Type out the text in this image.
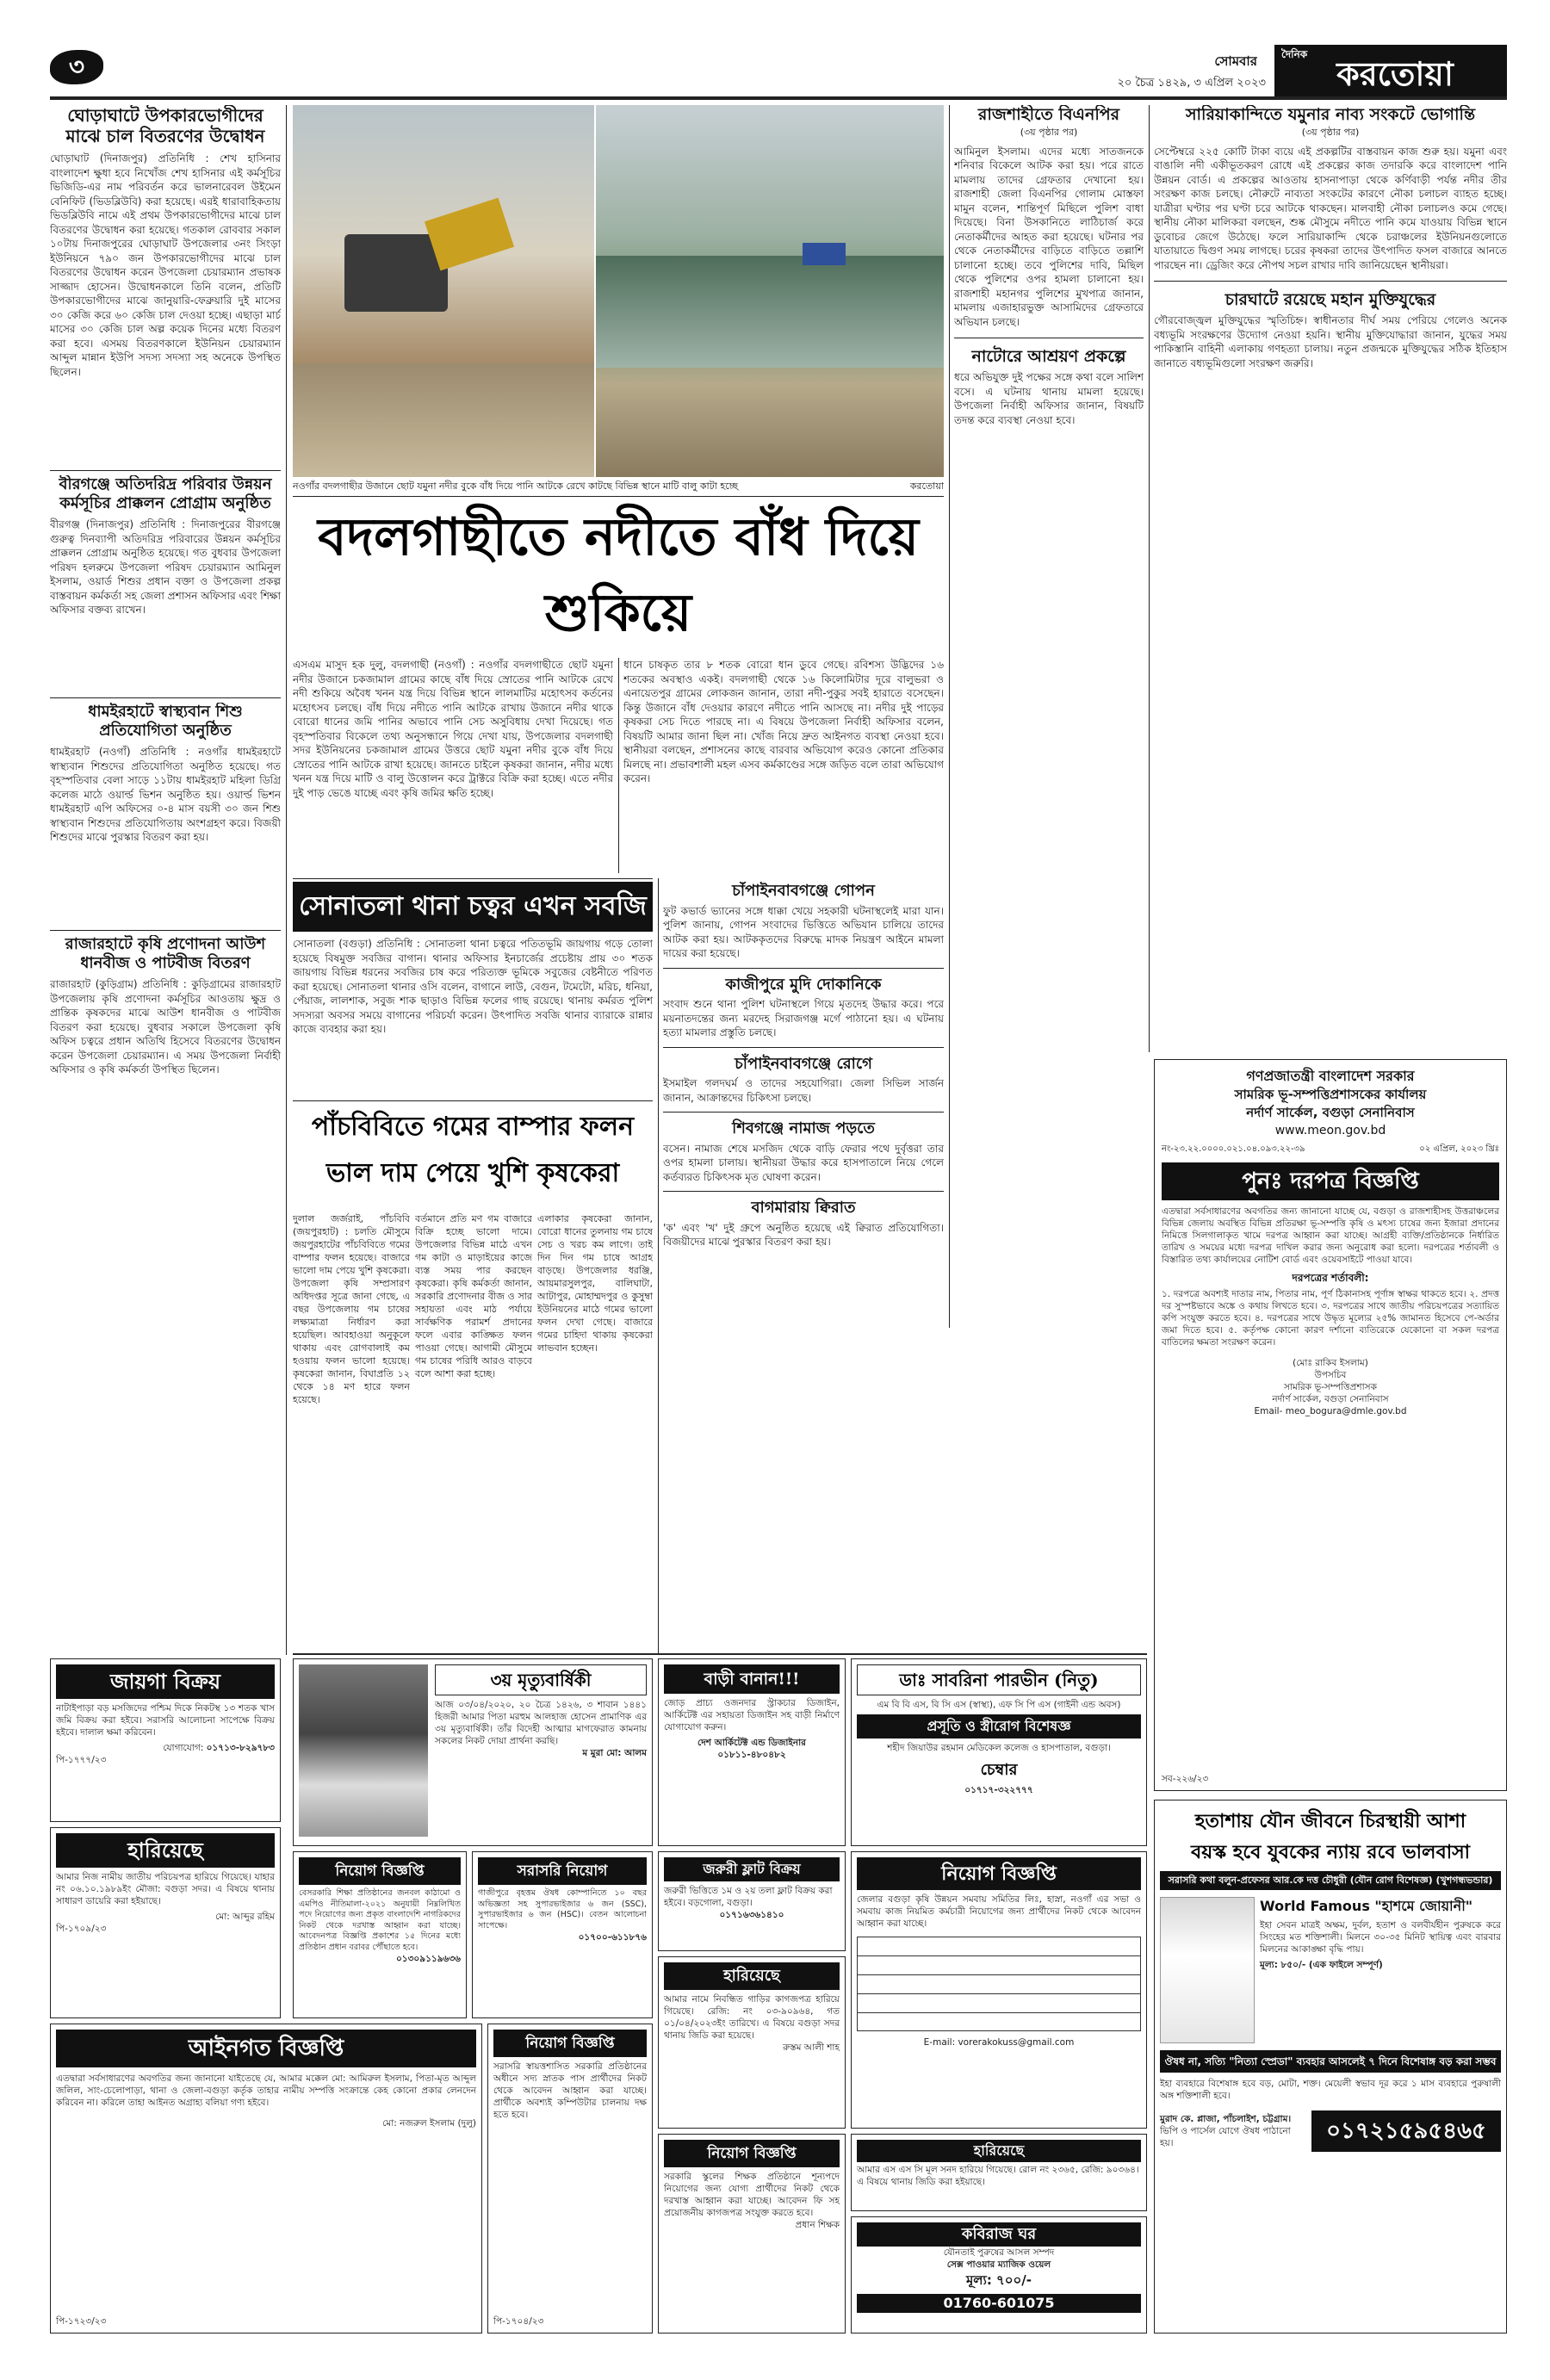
৩	সোমবার
২০ চৈত্র ১৪২৯, ৩ এপ্রিল ২০২৩
দৈনিক করতোয়া
ঘোড়াঘাটে উপকারভোগীদের মাঝে চাল বিতরণের উদ্বোধন
ঘোড়াঘাট (দিনাজপুর) প্রতিনিধি : শেখ হাসিনার বাংলাদেশ ক্ষুধা হবে নিখোঁজ শেখ হাসিনার এই কর্মসূচির ভিজিডি-এর নাম পরিবর্তন করে ভালনারেবল উইমেন বেনিফিট (ভিডব্লিউবি) করা হয়েছে। এরই ধারাবাহিকতায় ভিডব্লিউবি নামে এই প্রথম উপকারভোগীদের মাঝে চাল বিতরণের উদ্বোধন করা হয়েছে। গতকাল রোববার সকাল ১০টায় দিনাজপুরের ঘোড়াঘাট উপজেলার ৩নং সিংড়া ইউনিয়নে ৭৯০ জন উপকারভোগীদের মাঝে চাল বিতরণের উদ্বোধন করেন উপজেলা চেয়ারম্যান প্রভাষক সাজ্জাদ হোসেন। উদ্বোধনকালে তিনি বলেন, প্রতিটি উপকারভোগীদের মাঝে জানুয়ারি-ফেব্রুয়ারি দুই মাসের ৩০ কেজি করে ৬০ কেজি চাল দেওয়া হচ্ছে। এছাড়া মার্চ মাসের ৩০ কেজি চাল অল্প কয়েক দিনের মধ্যে বিতরণ করা হবে। এসময় বিতরণকালে ইউনিয়ন চেয়ারম্যান আব্দুল মান্নান ইউপি সদস্য সদস্যা সহ অনেকে উপস্থিত ছিলেন।
বীরগঞ্জে অতিদরিদ্র পরিবার উন্নয়ন কর্মসূচির প্রাক্কলন প্রোগ্রাম অনুষ্ঠিত
বীরগঞ্জ (দিনাজপুর) প্রতিনিধি : দিনাজপুরের বীরগঞ্জে গুরুত্ব দিনব্যাপী অতিদরিদ্র পরিবারের উন্নয়ন কর্মসূচির প্রাক্কলন প্রোগ্রাম অনুষ্ঠিত হয়েছে। গত বুধবার উপজেলা পরিষদ হলরুমে উপজেলা পরিষদ চেয়ারম্যান আমিনুল ইসলাম, ওয়ার্ড শিশুর প্রধান বক্তা ও উপজেলা প্রকল্প বাস্তবায়ন কর্মকর্তা সহ জেলা প্রশাসন অফিসার এবং শিক্ষা অফিসার বক্তব্য রাখেন।
ধামইরহাটে স্বাস্থ্যবান শিশু প্রতিযোগিতা অনুষ্ঠিত
ধামইরহাট (নওগাঁ) প্রতিনিধি : নওগাঁর ধামইরহাটে স্বাস্থ্যবান শিশুদের প্রতিযোগিতা অনুষ্ঠিত হয়েছে। গত বৃহস্পতিবার বেলা সাড়ে ১১টায় ধামইরহাট মহিলা ডিগ্রি কলেজ মাঠে ওয়ার্ল্ড ভিশন অনুষ্ঠিত হয়। ওয়ার্ল্ড ভিশন ধামইরহাট এপি অফিসের ০-৪ মাস বয়সী ৩০ জন শিশু স্বাস্থ্যবান শিশুদের প্রতিযোগিতায় অংশগ্রহণ করে। বিজয়ী শিশুদের মাঝে পুরস্কার বিতরণ করা হয়।
রাজারহাটে কৃষি প্রণোদনা আউশ ধানবীজ ও পাটবীজ বিতরণ
রাজারহাট (কুড়িগ্রাম) প্রতিনিধি : কুড়িগ্রামের রাজারহাট উপজেলায় কৃষি প্রণোদনা কর্মসূচির আওতায় ক্ষুদ্র ও প্রান্তিক কৃষকদের মাঝে আউশ ধানবীজ ও পাটবীজ বিতরণ করা হয়েছে। বুধবার সকালে উপজেলা কৃষি অফিস চত্বরে প্রধান অতিথি হিসেবে বিতরণের উদ্বোধন করেন উপজেলা চেয়ারম্যান। এ সময় উপজেলা নির্বাহী অফিসার ও কৃষি কর্মকর্তা উপস্থিত ছিলেন।
নওগাঁর বদলগাছীর উজানে ছোট যমুনা নদীর বুকে বাঁধ দিয়ে পানি আটকে রেখে কাটছে বিভিন্ন স্থানে মাটি বালু কাটা হচ্ছে	করতোয়া
বদলগাছীতে নদীতে বাঁধ দিয়ে শুকিয়ে
এসএম মাসুদ হক দুলু, বদলগাছী (নওগাঁ) : নওগাঁর বদলগাছীতে ছোট যমুনা নদীর উজানে চকজামাল গ্রামের কাছে বাঁধ দিয়ে স্রোতের পানি আটকে রেখে নদী শুকিয়ে অবৈধ খনন যন্ত্র দিয়ে বিভিন্ন স্থানে লালমাটির মহোৎসব কর্তনের মহোৎসব চলছে। বাঁধ দিয়ে নদীতে পানি আটকে রাখায় উজানে নদীর থাকে বোরো ধানের জমি পানির অভাবে পানি সেচ অসুবিধায় দেখা দিয়েছে। গত বৃহস্পতিবার বিকেলে তথ্য অনুসন্ধানে গিয়ে দেখা যায়, উপজেলার বদলগাছী সদর ইউনিয়নের চকজামাল গ্রামের উত্তরে ছোট যমুনা নদীর বুকে বাঁধ দিয়ে স্রোতের পানি আটকে রাখা হয়েছে। জানতে চাইলে কৃষকরা জানান, নদীর মধ্যে খনন যন্ত্র দিয়ে মাটি ও বালু উত্তোলন করে ট্রাক্টরে বিক্রি করা হচ্ছে। এতে নদীর দুই পাড় ভেঙে যাচ্ছে এবং কৃষি জমির ক্ষতি হচ্ছে।
ধানে চাষকৃত তার ৮ শতক বোরো ধান ডুবে গেছে। রবিশস্য উদ্ভিদের ১৬ শতকের অবস্থাও একই। বদলগাছী থেকে ১৬ কিলোমিটার দূরে বালুভরা ও এনায়েতপুর গ্রামের লোকজন জানান, তারা নদী-পুকুর সবই হারাতে বসেছেন। কিন্তু উজানে বাঁধ দেওয়ার কারণে নদীতে পানি আসছে না। নদীর দুই পাড়ের কৃষকরা সেচ দিতে পারছে না। এ বিষয়ে উপজেলা নির্বাহী অফিসার বলেন, বিষয়টি আমার জানা ছিল না। খোঁজ নিয়ে দ্রুত আইনগত ব্যবস্থা নেওয়া হবে। স্থানীয়রা বলছেন, প্রশাসনের কাছে বারবার অভিযোগ করেও কোনো প্রতিকার মিলছে না। প্রভাবশালী মহল এসব কর্মকাণ্ডের সঙ্গে জড়িত বলে তারা অভিযোগ করেন।
সোনাতলা থানা চত্বর এখন সবজি
সোনাতলা (বগুড়া) প্রতিনিধি : সোনাতলা থানা চত্বরে পতিতভূমি জায়গায় গড়ে তোলা হয়েছে বিষমুক্ত সবজির বাগান। থানার অফিসার ইনচার্জের প্রচেষ্টায় প্রায় ৩০ শতক জায়গায় বিভিন্ন ধরনের সবজির চাষ করে পরিত্যক্ত ভূমিকে সবুজের বেষ্টনীতে পরিণত করা হয়েছে। সোনাতলা থানার ওসি বলেন, বাগানে লাউ, বেগুন, টমেটো, মরিচ, ধনিয়া, পেঁয়াজ, লালশাক, সবুজ শাক ছাড়াও বিভিন্ন ফলের গাছ রয়েছে। থানায় কর্মরত পুলিশ সদস্যরা অবসর সময়ে বাগানের পরিচর্যা করেন। উৎপাদিত সবজি থানার ব্যারাকে রান্নার কাজে ব্যবহার করা হয়।
পাঁচবিবিতে গমের বাম্পার ফলন
ভাল দাম পেয়ে খুশি কৃষকেরা
দুলাল জর্জরাই, পাঁচবিবি (জয়পুরহাট) : চলতি মৌসুমে জয়পুরহাটের পাঁচবিবিতে গমের বাম্পার ফলন হয়েছে। বাজারে ভালো দাম পেয়ে খুশি কৃষকেরা। উপজেলা কৃষি সম্প্রসারণ অধিদপ্তর সূত্রে জানা গেছে, এ বছর উপজেলায় গম চাষের লক্ষ্যমাত্রা নির্ধারণ করা হয়েছিল। আবহাওয়া অনুকূলে থাকায় এবং রোগবালাই কম হওয়ায় ফলন ভালো হয়েছে। কৃষকেরা জানান, বিঘাপ্রতি ১২ থেকে ১৪ মণ হারে ফলন হয়েছে।
বর্তমানে প্রতি মণ গম বাজারে বিক্রি হচ্ছে ভালো দামে। উপজেলার বিভিন্ন মাঠে এখন গম কাটা ও মাড়াইয়ের কাজে ব্যস্ত সময় পার করছেন কৃষকেরা। কৃষি কর্মকর্তা জানান, সরকারি প্রণোদনার বীজ ও সার সহায়তা এবং মাঠ পর্যায়ে সার্বক্ষণিক পরামর্শ প্রদানের ফলে এবার কাঙ্ক্ষিত ফলন পাওয়া গেছে। আগামী মৌসুমে গম চাষের পরিধি আরও বাড়বে বলে আশা করা হচ্ছে।
এলাকার কৃষকেরা জানান, বোরো ধানের তুলনায় গম চাষে সেচ ও খরচ কম লাগে। তাই দিন দিন গম চাষে আগ্রহ বাড়ছে। উপজেলার ধরঞ্জি, আয়মারসুলপুর, বালিঘাটা, আটাপুর, মোহাম্মদপুর ও কুসুম্বা ইউনিয়নের মাঠে গমের ভালো ফলন দেখা গেছে। বাজারে গমের চাহিদা থাকায় কৃষকেরা লাভবান হচ্ছেন।
চাঁপাইনবাবগঞ্জে গোপন
ফুট কভার্ড ভ্যানের সঙ্গে ধাক্কা খেয়ে সহকারী ঘটনাস্থলেই মারা যান। পুলিশ জানায়, গোপন সংবাদের ভিত্তিতে অভিযান চালিয়ে তাদের আটক করা হয়। আটককৃতদের বিরুদ্ধে মাদক নিয়ন্ত্রণ আইনে মামলা দায়ের করা হয়েছে।
কাজীপুরে মুদি দোকানিকে
সংবাদ শুনে থানা পুলিশ ঘটনাস্থলে গিয়ে মৃতদেহ উদ্ধার করে। পরে ময়নাতদন্তের জন্য মরদেহ সিরাজগঞ্জ মর্গে পাঠানো হয়। এ ঘটনায় হত্যা মামলার প্রস্তুতি চলছে।
চাঁপাইনবাবগঞ্জে রোগে
ইসমাইল গলদঘর্ম ও তাদের সহযোগিরা। জেলা সিভিল সার্জন জানান, আক্রান্তদের চিকিৎসা চলছে।
শিবগঞ্জে নামাজ পড়তে
বসেন। নামাজ শেষে মসজিদ থেকে বাড়ি ফেরার পথে দুর্বৃত্তরা তার ওপর হামলা চালায়। স্থানীয়রা উদ্ধার করে হাসপাতালে নিয়ে গেলে কর্তব্যরত চিকিৎসক মৃত ঘোষণা করেন।
বাগমারায় ক্বিরাত
'ক' এবং 'খ' দুই গ্রুপে অনুষ্ঠিত হয়েছে এই ক্বিরাত প্রতিযোগিতা। বিজয়ীদের মাঝে পুরস্কার বিতরণ করা হয়।
রাজশাহীতে বিএনপির
(৩য় পৃষ্ঠার পর)
আমিনুল ইসলাম। এদের মধ্যে সাতজনকে শনিবার বিকেলে আটক করা হয়। পরে রাতে মামলায় তাদের গ্রেফতার দেখানো হয়। রাজশাহী জেলা বিএনপির গোলাম মোস্তফা মামুন বলেন, শান্তিপূর্ণ মিছিলে পুলিশ বাধা দিয়েছে। বিনা উসকানিতে লাঠিচার্জ করে নেতাকর্মীদের আহত করা হয়েছে। ঘটনার পর থেকে নেতাকর্মীদের বাড়িতে বাড়িতে তল্লাশি চালানো হচ্ছে। তবে পুলিশের দাবি, মিছিল থেকে পুলিশের ওপর হামলা চালানো হয়। রাজশাহী মহানগর পুলিশের মুখপাত্র জানান, মামলায় এজাহারভুক্ত আসামিদের গ্রেফতারে অভিযান চলছে।
নাটোরে আশ্রয়ণ প্রকল্পে
ধরে অভিযুক্ত দুই পক্ষের সঙ্গে কথা বলে সালিশ বসে। এ ঘটনায় থানায় মামলা হয়েছে। উপজেলা নির্বাহী অফিসার জানান, বিষয়টি তদন্ত করে ব্যবস্থা নেওয়া হবে।
সারিয়াকান্দিতে যমুনার নাব্য সংকটে ভোগান্তি
(৩য় পৃষ্ঠার পর)
সেপ্টেম্বরে ২২৫ কোটি টাকা ব্যয়ে এই প্রকল্পটির বাস্তবায়ন কাজ শুরু হয়। যমুনা এবং বাঙালি নদী একীভূতকরণ রোধে এই প্রকল্পের কাজ তদারকি করে বাংলাদেশ পানি উন্নয়ন বোর্ড। এ প্রকল্পের আওতায় হাসনাপাড়া থেকে কর্ণিবাড়ী পর্যন্ত নদীর তীর সংরক্ষণ কাজ চলছে। নৌরুটে নাব্যতা সংকটের কারণে নৌকা চলাচল ব্যাহত হচ্ছে। যাত্রীরা ঘণ্টার পর ঘণ্টা চরে আটকে থাকছেন। মালবাহী নৌকা চলাচলও কমে গেছে। স্থানীয় নৌকা মালিকরা বলছেন, শুষ্ক মৌসুমে নদীতে পানি কমে যাওয়ায় বিভিন্ন স্থানে ডুবোচর জেগে উঠেছে। ফলে সারিয়াকান্দি থেকে চরাঞ্চলের ইউনিয়নগুলোতে যাতায়াতে দ্বিগুণ সময় লাগছে। চরের কৃষকরা তাদের উৎপাদিত ফসল বাজারে আনতে পারছেন না। ড্রেজিং করে নৌপথ সচল রাখার দাবি জানিয়েছেন স্থানীয়রা।
চারঘাটে রয়েছে মহান মুক্তিযুদ্ধের
গৌরবোজ্জ্বল মুক্তিযুদ্ধের স্মৃতিচিহ্ন। স্বাধীনতার দীর্ঘ সময় পেরিয়ে গেলেও অনেক বধ্যভূমি সংরক্ষণের উদ্যোগ নেওয়া হয়নি। স্থানীয় মুক্তিযোদ্ধারা জানান, যুদ্ধের সময় পাকিস্তানি বাহিনী এলাকায় গণহত্যা চালায়। নতুন প্রজন্মকে মুক্তিযুদ্ধের সঠিক ইতিহাস জানাতে বধ্যভূমিগুলো সংরক্ষণ জরুরি।
গণপ্রজাতন্ত্রী বাংলাদেশ সরকার
সামরিক ভূ-সম্পত্তিপ্রশাসকের কার্যালয়
নর্দার্ণ সার্কেল, বগুড়া সেনানিবাস
www.meon.gov.bd
নং-২৩.২২.০০০০.০২১.০৪.০৯৩.২২-৩৯	০২ এপ্রিল, ২০২৩ খ্রিঃ
পুনঃ দরপত্র বিজ্ঞপ্তি
এতদ্বারা সর্বসাধারণের অবগতির জন্য জানানো যাচ্ছে যে, বগুড়া ও রাজশাহীসহ উত্তরাঞ্চলের বিভিন্ন জেলায় অবস্থিত বিভিন্ন প্রতিরক্ষা ভূ-সম্পত্তি কৃষি ও মৎস্য চাষের জন্য ইজারা প্রদানের নিমিত্তে সিলগালাকৃত খামে দরপত্র আহ্বান করা যাচ্ছে। আগ্রহী ব্যক্তি/প্রতিষ্ঠানকে নির্ধারিত তারিখ ও সময়ের মধ্যে দরপত্র দাখিল করার জন্য অনুরোধ করা হলো। দরপত্রের শর্তাবলী ও বিস্তারিত তথ্য কার্যালয়ের নোটিশ বোর্ড এবং ওয়েবসাইটে পাওয়া যাবে।
দরপত্রের শর্তাবলী:
১. দরপত্রে অবশ্যই দাতার নাম, পিতার নাম, পূর্ণ ঠিকানাসহ পূর্ণাঙ্গ স্বাক্ষর থাকতে হবে। ২. প্রদত্ত দর সুস্পষ্টভাবে অঙ্কে ও কথায় লিখতে হবে। ৩. দরপত্রের সাথে জাতীয় পরিচয়পত্রের সত্যায়িত কপি সংযুক্ত করতে হবে। ৪. দরপত্রের সাথে উদ্ধৃত মূল্যের ২৫% জামানত হিসেবে পে-অর্ডার জমা দিতে হবে। ৫. কর্তৃপক্ষ কোনো কারণ দর্শানো ব্যতিরেকে যেকোনো বা সকল দরপত্র বাতিলের ক্ষমতা সংরক্ষণ করেন।
(মোঃ রাকিব ইসলাম)
উপসচিব
সামরিক ভূ-সম্পত্তিপ্রশাসক
নর্দার্ণ সার্কেল, বগুড়া সেনানিবাস
Email- meo_bogura@dmle.gov.bd
সব-২২৬/২৩
জায়গা বিক্রয়
নাটাইপাড়া বড় মসজিদের পশ্চিম দিকে নিকটস্থ ১৩ শতক খাস জমি বিক্রয় করা হইবে। সরাসরি আলোচনা সাপেক্ষে বিক্রয় হইবে। দালাল ক্ষমা করিবেন।
যোগাযোগ: ০১৭১৩-৮২৯৭৮৩
পি-১৭৭৭/২৩
হারিয়েছে
আমার নিজ নামীয় জাতীয় পরিচয়পত্র হারিয়ে গিয়েছে। যাহার নং ০৬.১০.১৯৮৯ইং মৌজা: বগুড়া সদর। এ বিষয়ে থানায় সাধারণ ডায়েরি করা হইয়াছে।
মো: আব্দুর রহিম
পি-১৭০৯/২৩
আইনগত বিজ্ঞপ্তি
এতদ্বারা সর্বসাধারণের অবগতির জন্য জানানো যাইতেছে যে, আমার মক্কেল মো: আমিরুল ইসলাম, পিতা-মৃত আব্দুল জলিল, সাং-চেলোপাড়া, থানা ও জেলা-বগুড়া কর্তৃক তাহার নামীয় সম্পত্তি সংক্রান্তে কেহ কোনো প্রকার লেনদেন করিবেন না। করিলে তাহা আইনত অগ্রাহ্য বলিয়া গণ্য হইবে।
মো: নজরুল ইসলাম (দুলু)
পি-১৭২৩/২৩
৩য় মৃত্যুবার্ষিকী
আজ ০৩/০৪/২০২০, ২০ চৈত্র ১৪২৬, ৩ শাবান ১৪৪১ হিজরী আমার পিতা মরহুম আলহাজ হোসেন প্রামাণিক এর ৩য় মৃত্যুবার্ষিকী। তাঁর বিদেহী আত্মার মাগফেরাত কামনায় সকলের নিকট দোয়া প্রার্থনা করছি।
ম মুরা মো: আলম
নিয়োগ বিজ্ঞপ্তি
বেসরকারি শিক্ষা প্রতিষ্ঠানের জনবল কাঠামো ও এমপিও নীতিমালা-২০২১ অনুযায়ী নিম্নলিখিত পদে নিয়োগের জন্য প্রকৃত বাংলাদেশি নাগরিকদের নিকট থেকে দরখাস্ত আহ্বান করা যাচ্ছে। আবেদনপত্র বিজ্ঞপ্তি প্রকাশের ১৫ দিনের মধ্যে প্রতিষ্ঠান প্রধান বরাবর পৌঁছাতে হবে।
০১৩০৯১১৯৬৩৬
সরাসরি নিয়োগ
গাজীপুরে বৃহত্তম ঔষধ কোম্পানিতে ১০ বছর অভিজ্ঞতা সহ সুপারভাইজার ৬ জন (SSC), সুপারভাইজার ৬ জন (HSC)। বেতন আলোচনা সাপেক্ষে।
০১৭০০-৬১১৮৭৬
নিয়োগ বিজ্ঞপ্তি
সরাসরি স্বায়ত্তশাসিত সরকারি প্রতিষ্ঠানের অধীনে সদ্য স্নাতক পাস প্রার্থীদের নিকট থেকে আবেদন আহ্বান করা যাচ্ছে। প্রার্থীকে অবশ্যই কম্পিউটার চালনায় দক্ষ হতে হবে।
পি-১৭০৪/২৩
বাড়ী বানান!!!
জোড় প্রাচ্য ওজনদার স্ট্রাকচার ডিজাইন, আর্কিটেক্ট এর সহায়তা ডিজাইন সহ বাড়ী নির্মাণে যোগাযোগ করুন।
দেশ আর্কিটেক্ট এন্ড ডিজাইনার
০১৮১১-৪৮০৪৮২
জরুরী ফ্লাট বিক্রয়
জরুরী ভিত্তিতে ১ম ও ২য় তলা ফ্লাট বিক্রয় করা হইবে। বড়গোলা, বগুড়া।
০১৭১৬৩৬১৪১০
হারিয়েছে
আমার নামে নিবন্ধিত গাড়ির কাগজপত্র হারিয়ে গিয়েছে। রেজি: নং ০৩-৯০৯৬৪, গত ০১/০৪/২০২৩ইং তারিখে। এ বিষয়ে বগুড়া সদর থানায় জিডি করা হয়েছে।
রুস্তম আলী শাহ
নিয়োগ বিজ্ঞপ্তি
সরকারি স্কুলের শিক্ষক প্রতিষ্ঠানে শূন্যপদে নিয়োগের জন্য যোগ্য প্রার্থীদের নিকট থেকে দরখাস্ত আহ্বান করা যাচ্ছে। আবেদন ফি সহ প্রয়োজনীয় কাগজপত্র সংযুক্ত করতে হবে।
প্রধান শিক্ষক
ডাঃ সাবরিনা পারভীন (নিতু)
এম বি বি এস, বি সি এস (স্বাস্থ্য), এফ সি পি এস (গাইনী এন্ড অবস)
প্রসূতি ও স্ত্রীরোগ বিশেষজ্ঞ
শহীদ জিয়াউর রহমান মেডিকেল কলেজ ও হাসপাতাল, বগুড়া।
চেম্বার
০১৭১৭-৩২২৭৭৭
নিয়োগ বিজ্ঞপ্তি
জেলার বগুড়া কৃষি উন্নয়ন সমবায় সমিতির লিঃ, হাস্না, নওগাঁ এর সভা ও সমবায় কাজ নিয়মিত কর্মচারী নিয়োগের জন্য প্রার্থীদের নিকট থেকে আবেদন আহ্বান করা যাচ্ছে।
E-mail: vorerakokuss@gmail.com
হারিয়েছে
আমার এস এস সি মূল সনদ হারিয়ে গিয়েছে। রোল নং ২৩৬৫, রেজি: ৯০৩৬৪। এ বিষয়ে থানায় জিডি করা হইয়াছে।
কবিরাজ ঘর
যৌনতাই পুরুষের আসল সম্পদ
সেক্স পাওয়ার ম্যাজিক ওয়েল
মূল্য: ৭০০/-
01760-601075
হতাশায় যৌন জীবনে চিরস্থায়ী আশা
বয়স্ক হবে যুবকের ন্যায় রবে ভালবাসা
সরাসরি কথা বলুন-প্রফেসর আর.কে দত্ত চৌধুরী (যৌন রোগ বিশেষজ্ঞ) (খুশগন্ধভন্ডার)
World Famous "হাশমে জোয়ানী"
ইহা সেবন মাত্রই অক্ষম, দুর্বল, হতাশ ও বলবীর্যহীন পুরুষকে করে সিংহের মত শক্তিশালী। মিলনে ৩০-৩৫ মিনিট স্থায়িত্ব এবং বারবার মিলনের আকাঙ্ক্ষা বৃদ্ধি পায়।
মূল্য: ৮৫০/- (এক ফাইলে সম্পূর্ণ)
ঔষধ না, সত্যি "নিত্যা স্প্রেডা" ব্যবহার আসলেই ৭ দিনে বিশেষাঙ্গ বড় করা সম্ভব
ইহা ব্যবহারে বিশেষাঙ্গ হবে বড়, মোটা, শক্ত। মেয়েলী স্বভাব দূর করে ১ মাস ব্যবহারে পুরুষালী অঙ্গ শক্তিশালী হবে।
মুরাদ কে. প্লাজা, পাঁচলাইশ, চট্টগ্রাম।
ভিপি ও পার্সেল যোগে ঔষধ পাঠানো হয়।	০১৭২১৫৯৫৪৬৫
